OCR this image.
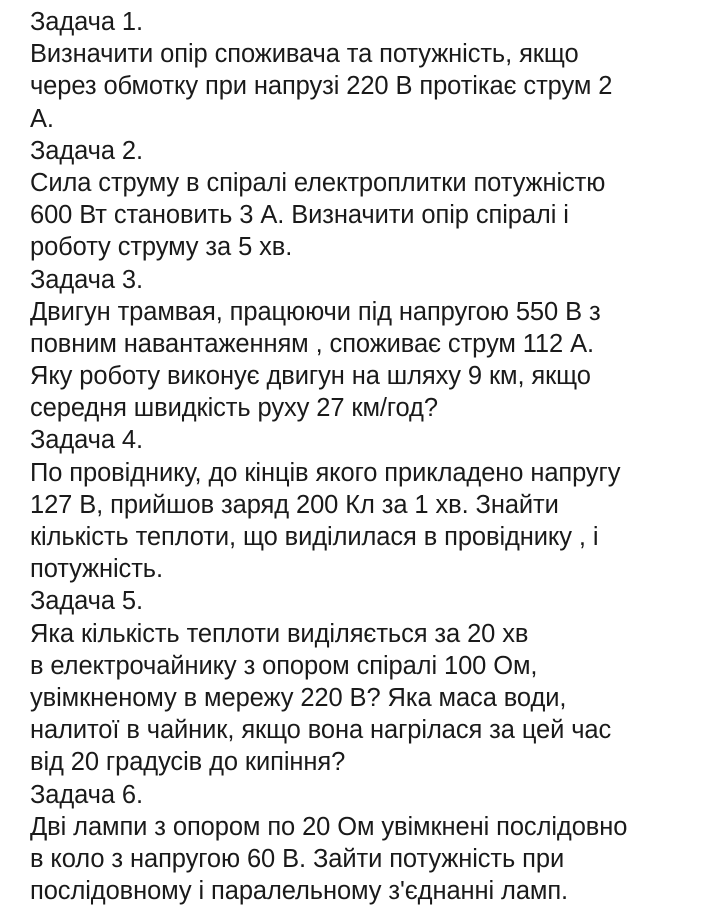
Задача 1.
Визначити опір споживача та потужність, якщо
через обмотку при напрузі 220 В протікає струм 2
А.
Задача 2.
Сила струму в спіралі електроплитки потужністю
600 Вт становить 3 А. Визначити опір спіралі і
роботу струму за 5 хв.
Задача 3.
Двигун трамвая, працюючи під напругою 550 В з
повним навантаженням , споживає струм 112 А.
Яку роботу виконує двигун на шляху 9 км, якщо
середня швидкість руху 27 км/год?
Задача 4.
По провіднику, до кінців якого прикладено напругу
127 В, прийшов заряд 200 Кл за 1 хв. Знайти
кількість теплоти, що виділилася в провіднику , і
потужність.
Задача 5.
Яка кількість теплоти виділяється за 20 хв
в електрочайнику з опором спіралі 100 Ом,
увімкненому в мережу 220 В? Яка маса води,
налитої в чайник, якщо вона нагрілася за цей час
від 20 градусів до кипіння?
Задача 6.
Дві лампи з опором по 20 Ом увімкнені послідовно
в коло з напругою 60 В. Зайти потужність при
послідовному і паралельному з'єднанні ламп.
